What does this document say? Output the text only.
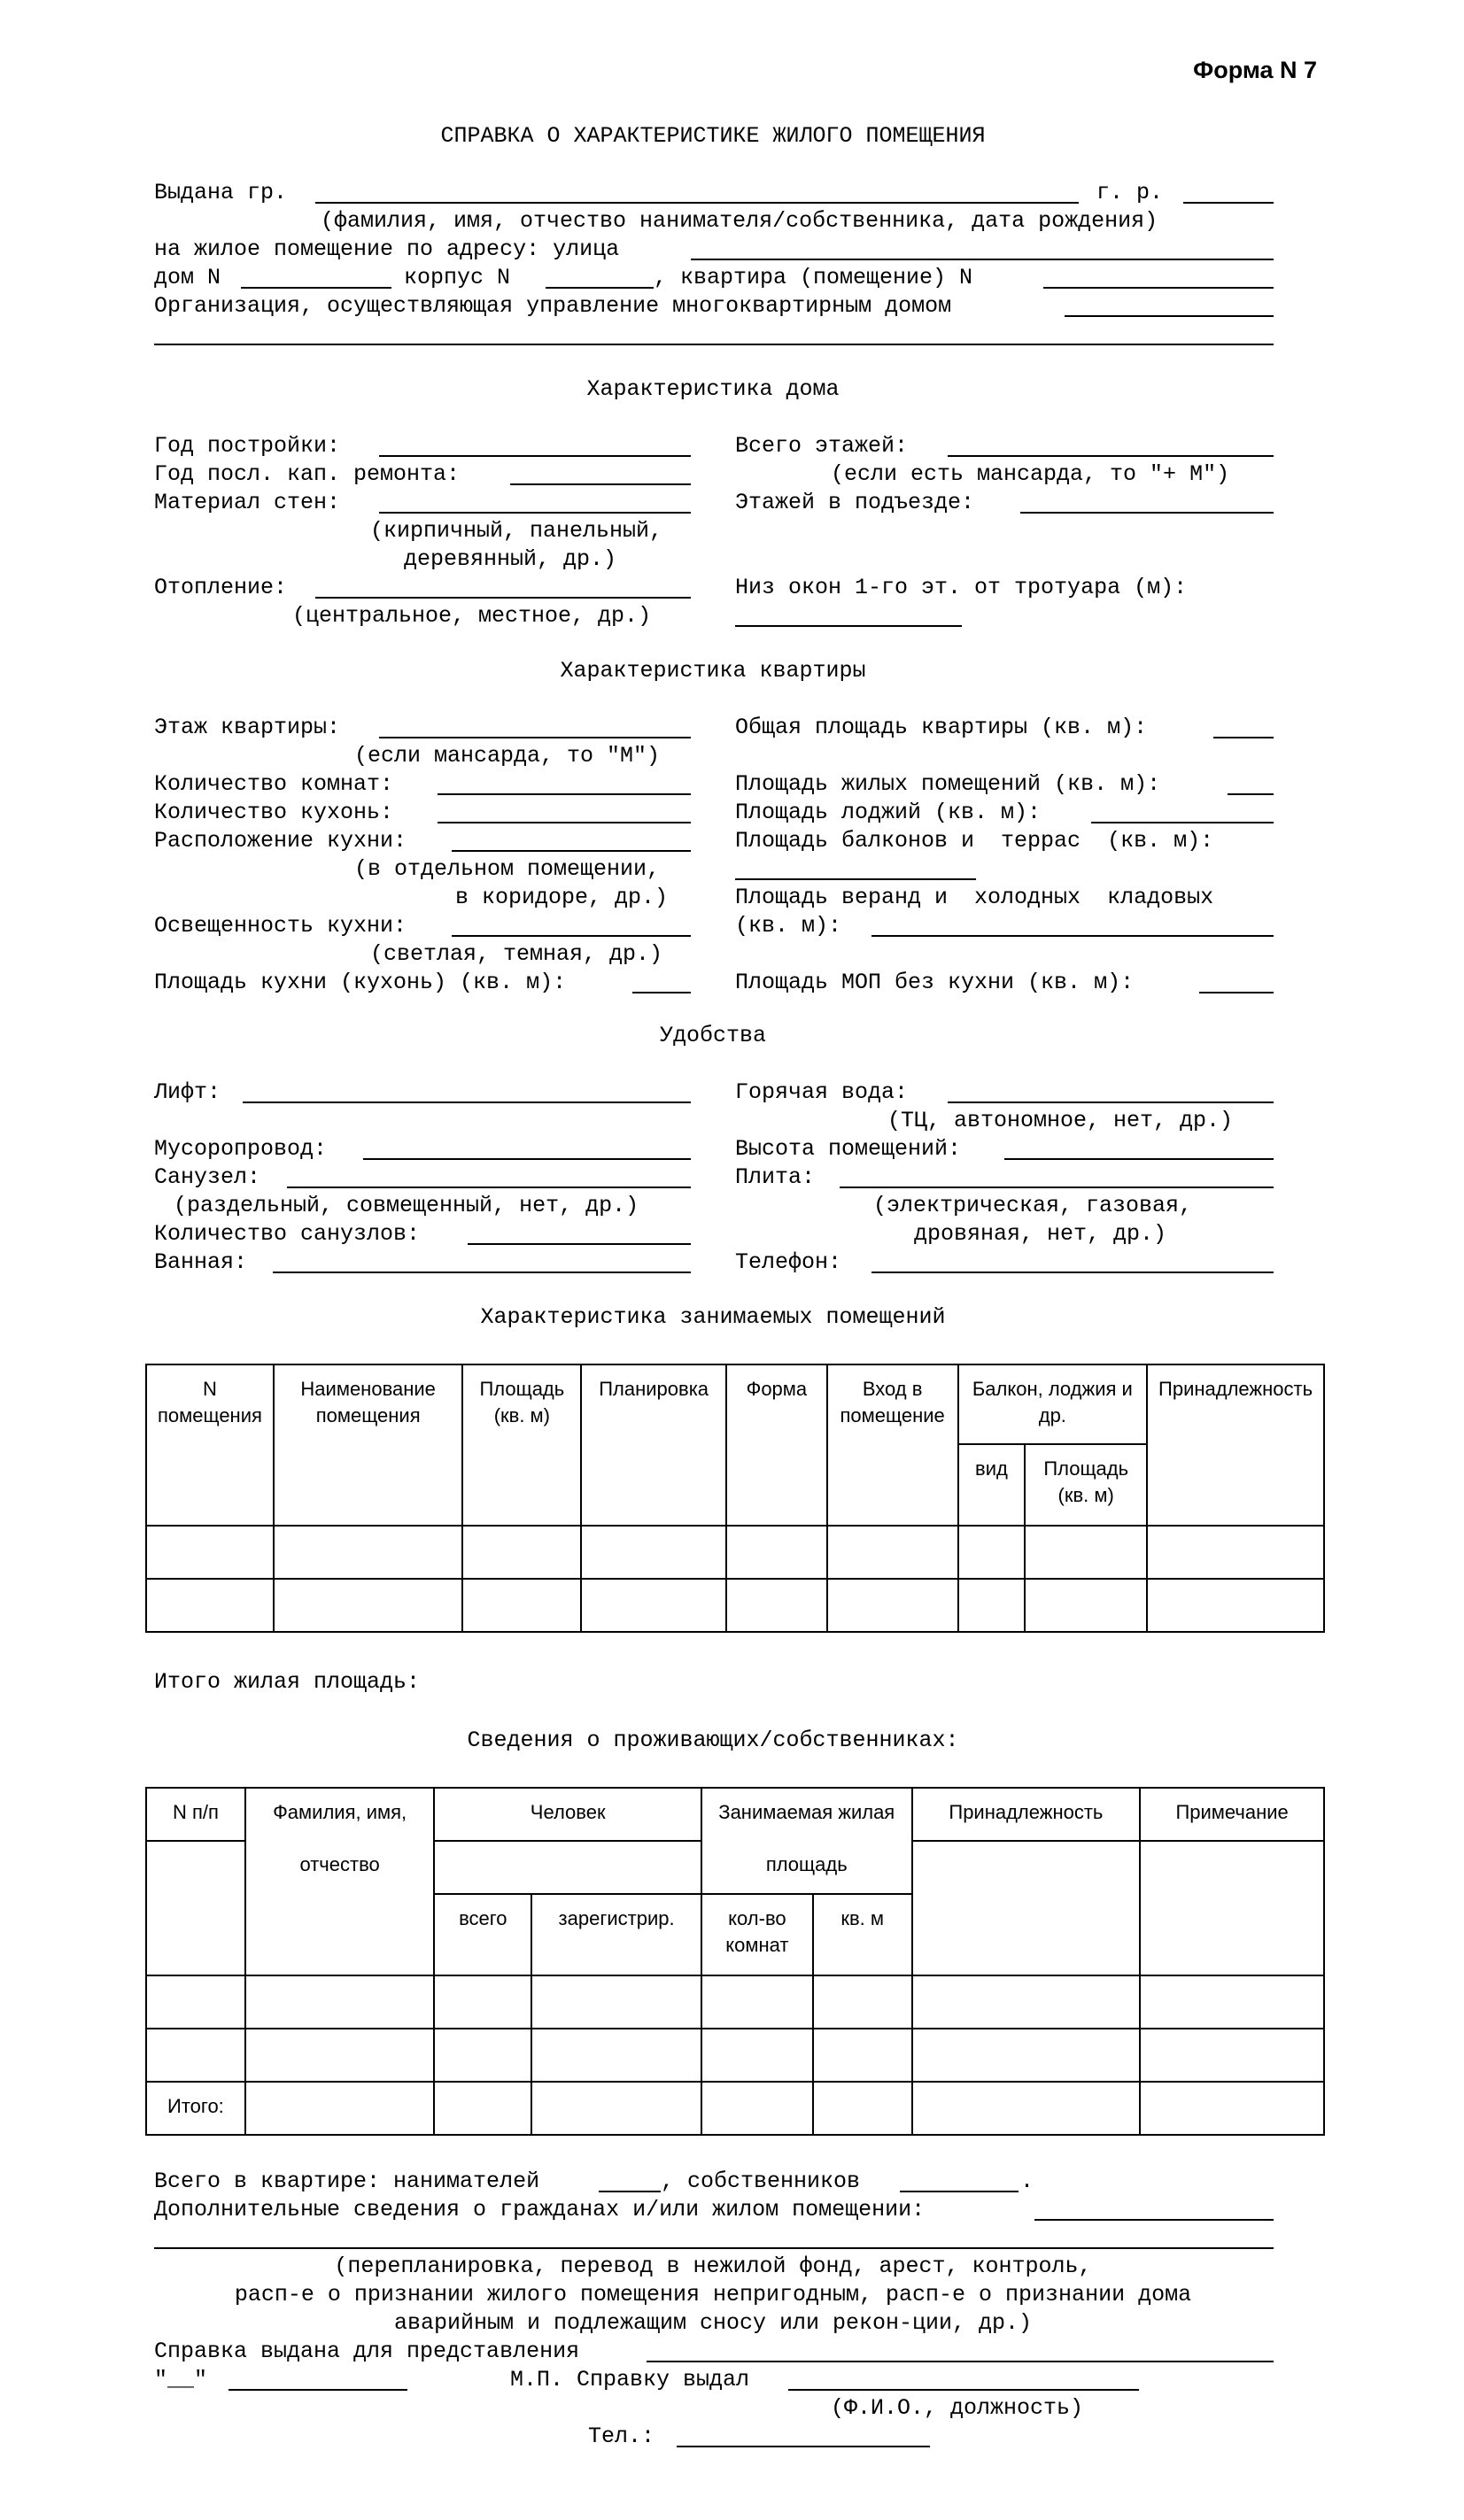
Форма N 7
СПРАВКА О ХАРАКТЕРИСТИКЕ ЖИЛОГО ПОМЕЩЕНИЯ
Выдана гр.	г. р.
(фамилия, имя, отчество нанимателя/собственника, дата рождения)
на жилое помещение по адресу: улица
дом N	корпус N	, квартира (помещение) N
Организация, осуществляющая управление многоквартирным домом
Характеристика дома
Год постройки:
Год посл. кап. ремонта:
Материал стен:
(кирпичный, панельный,
деревянный, др.)
Отопление:
(центральное, местное, др.)
Всего этажей:
(если есть мансарда, то "+ М")
Этажей в подъезде:
Низ окон 1-го эт. от тротуара (м):
Характеристика квартиры
Этаж квартиры:
(если мансарда, то "М")
Количество комнат:
Количество кухонь:
Расположение кухни:
(в отдельном помещении,
в коридоре, др.)
Освещенность кухни:
(светлая, темная, др.)
Площадь кухни (кухонь) (кв. м):
Общая площадь квартиры (кв. м):
Площадь жилых помещений (кв. м):
Площадь лоджий (кв. м):
Площадь балконов и  террас  (кв. м):
Площадь веранд и  холодных  кладовых
(кв. м):
Площадь МОП без кухни (кв. м):
Удобства
Лифт:
Мусоропровод:
Санузел:
(раздельный, совмещенный, нет, др.)
Количество санузлов:
Ванная:
Горячая вода:
(ТЦ, автономное, нет, др.)
Высота помещений:
Плита:
(электрическая, газовая,
дровяная, нет, др.)
Телефон:
Характеристика занимаемых помещений
N помещения	Наименование помещения	Площадь (кв. м)	Планировка	Форма	Вход в помещение	Балкон, лоджия и др.		Принадлежность
						вид	Площадь (кв. м)	

Итого жилая площадь:
Сведения о проживающих/собственниках:
N п/п	Фамилия, имя,	Человек		Занимаемая жилая		Принадлежность	Примечание
	отчество			площадь			
		всего	зарегистрир.	кол-во комнат	кв. м		

Итого:							
Всего в квартире: нанимателей	, собственников	.
Дополнительные сведения о гражданах и/или жилом помещении:
(перепланировка, перевод в нежилой фонд, арест, контроль,
расп-е о признании жилого помещения непригодным, расп-е о признании дома
аварийным и подлежащим сносу или рекон-ции, др.)
Справка выдана для представления
"__"	М.П. Справку выдал
(Ф.И.О., должность)
Тел.:
